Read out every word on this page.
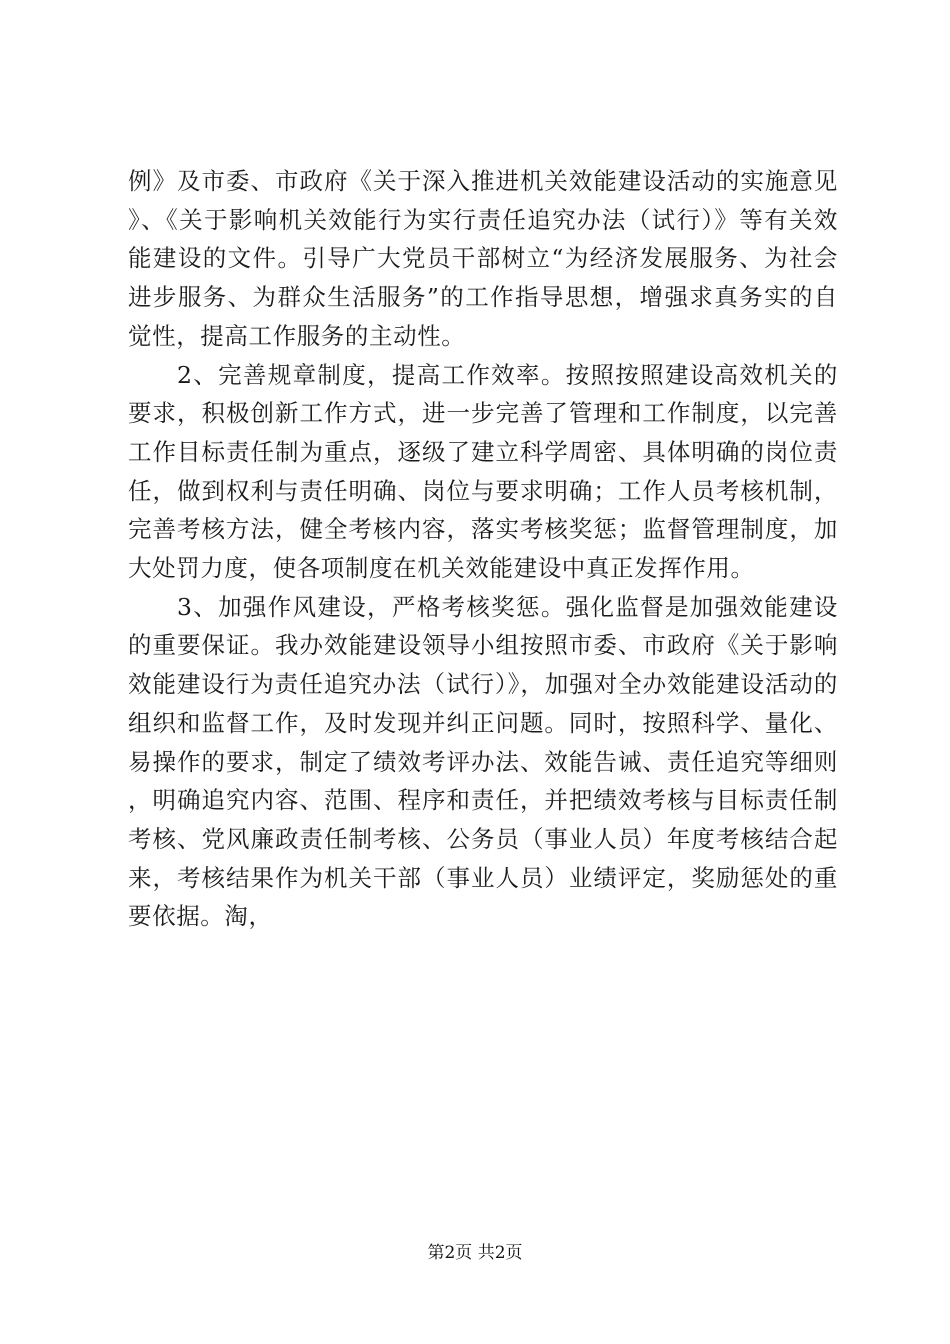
例》及市委、市政府《关于深入推进机关效能建设活动的实施意见》、《关于影响机关效能行为实行责任追究办法（试行）》等有关效能建设的文件。引导广大党员干部树立“为经济发展服务、为社会进步服务、为群众生活服务”的工作指导思想，增强求真务实的自觉性，提高工作服务的主动性。

2、完善规章制度，提高工作效率。按照按照建设高效机关的要求，积极创新工作方式，进一步完善了管理和工作制度，以完善工作目标责任制为重点，逐级了建立科学周密、具体明确的岗位责任，做到权利与责任明确、岗位与要求明确；工作人员考核机制，完善考核方法，健全考核内容，落实考核奖惩；监督管理制度，加大处罚力度，使各项制度在机关效能建设中真正发挥作用。

3、加强作风建设，严格考核奖惩。强化监督是加强效能建设的重要保证。我办效能建设领导小组按照市委、市政府《关于影响效能建设行为责任追究办法（试行）》，加强对全办效能建设活动的组织和监督工作，及时发现并纠正问题。同时，按照科学、量化、易操作的要求，制定了绩效考评办法、效能告诫、责任追究等细则，明确追究内容、范围、程序和责任，并把绩效考核与目标责任制考核、党风廉政责任制考核、公务员（事业人员）年度考核结合起来，考核结果作为机关干部（事业人员）业绩评定，奖励惩处的重要依据。淘，

第2页 共2页
